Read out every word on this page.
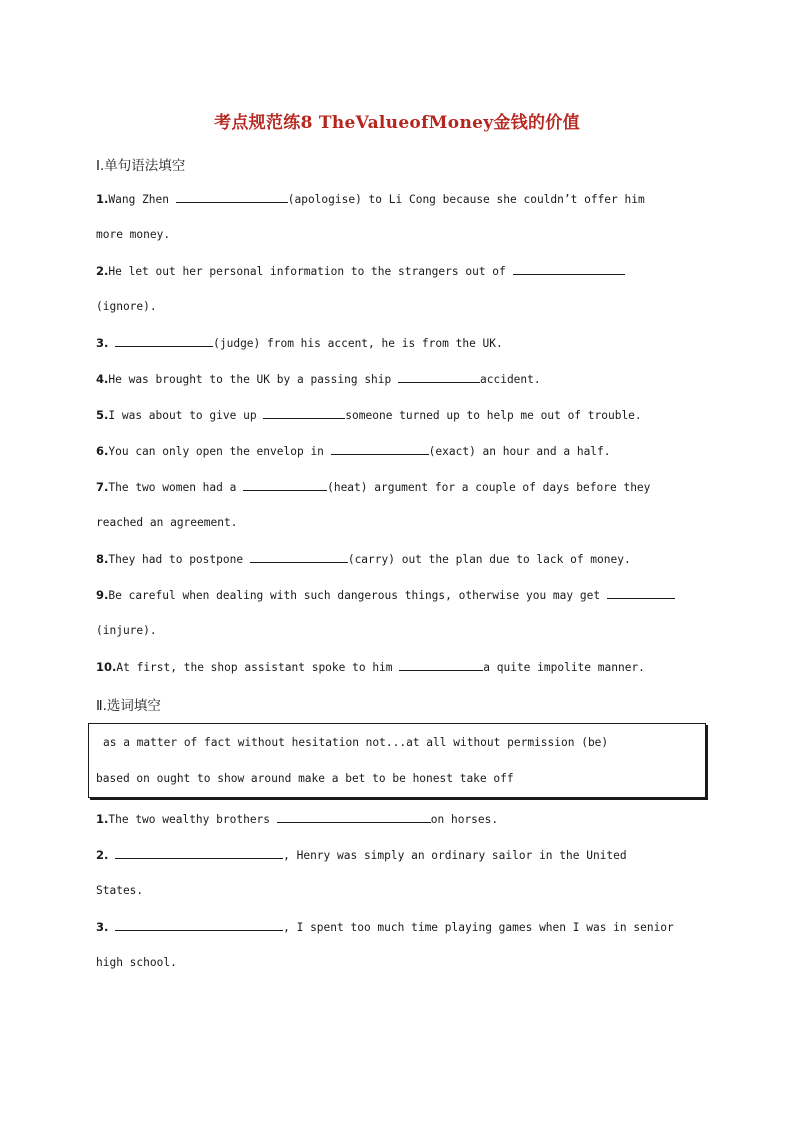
考点规范练8 TheValueofMoney金钱的价值
Ⅰ.单句语法填空
1.Wang Zhen	(apologise) to Li Cong because she couldn’t offer him
more money.
2.He let out her personal information to the strangers out of
(ignore).
3.	(judge) from his accent, he is from the UK.
4.He was brought to the UK by a passing ship	accident.
5.I was about to give up	someone turned up to help me out of trouble.
6.You can only open the envelop in	(exact) an hour and a half.
7.The two women had a	(heat) argument for a couple of days before they
reached an agreement.
8.They had to postpone	(carry) out the plan due to lack of money.
9.Be careful when dealing with such dangerous things, otherwise you may get
(injure).
10.At first, the shop assistant spoke to him	a quite impolite manner.
Ⅱ.选词填空
as a matter of fact without hesitation not...at all without permission (be)
based on ought to show around make a bet to be honest take off
1.The two wealthy brothers	on horses.
2.	, Henry was simply an ordinary sailor in the United
States.
3.	, I spent too much time playing games when I was in senior
high school.
